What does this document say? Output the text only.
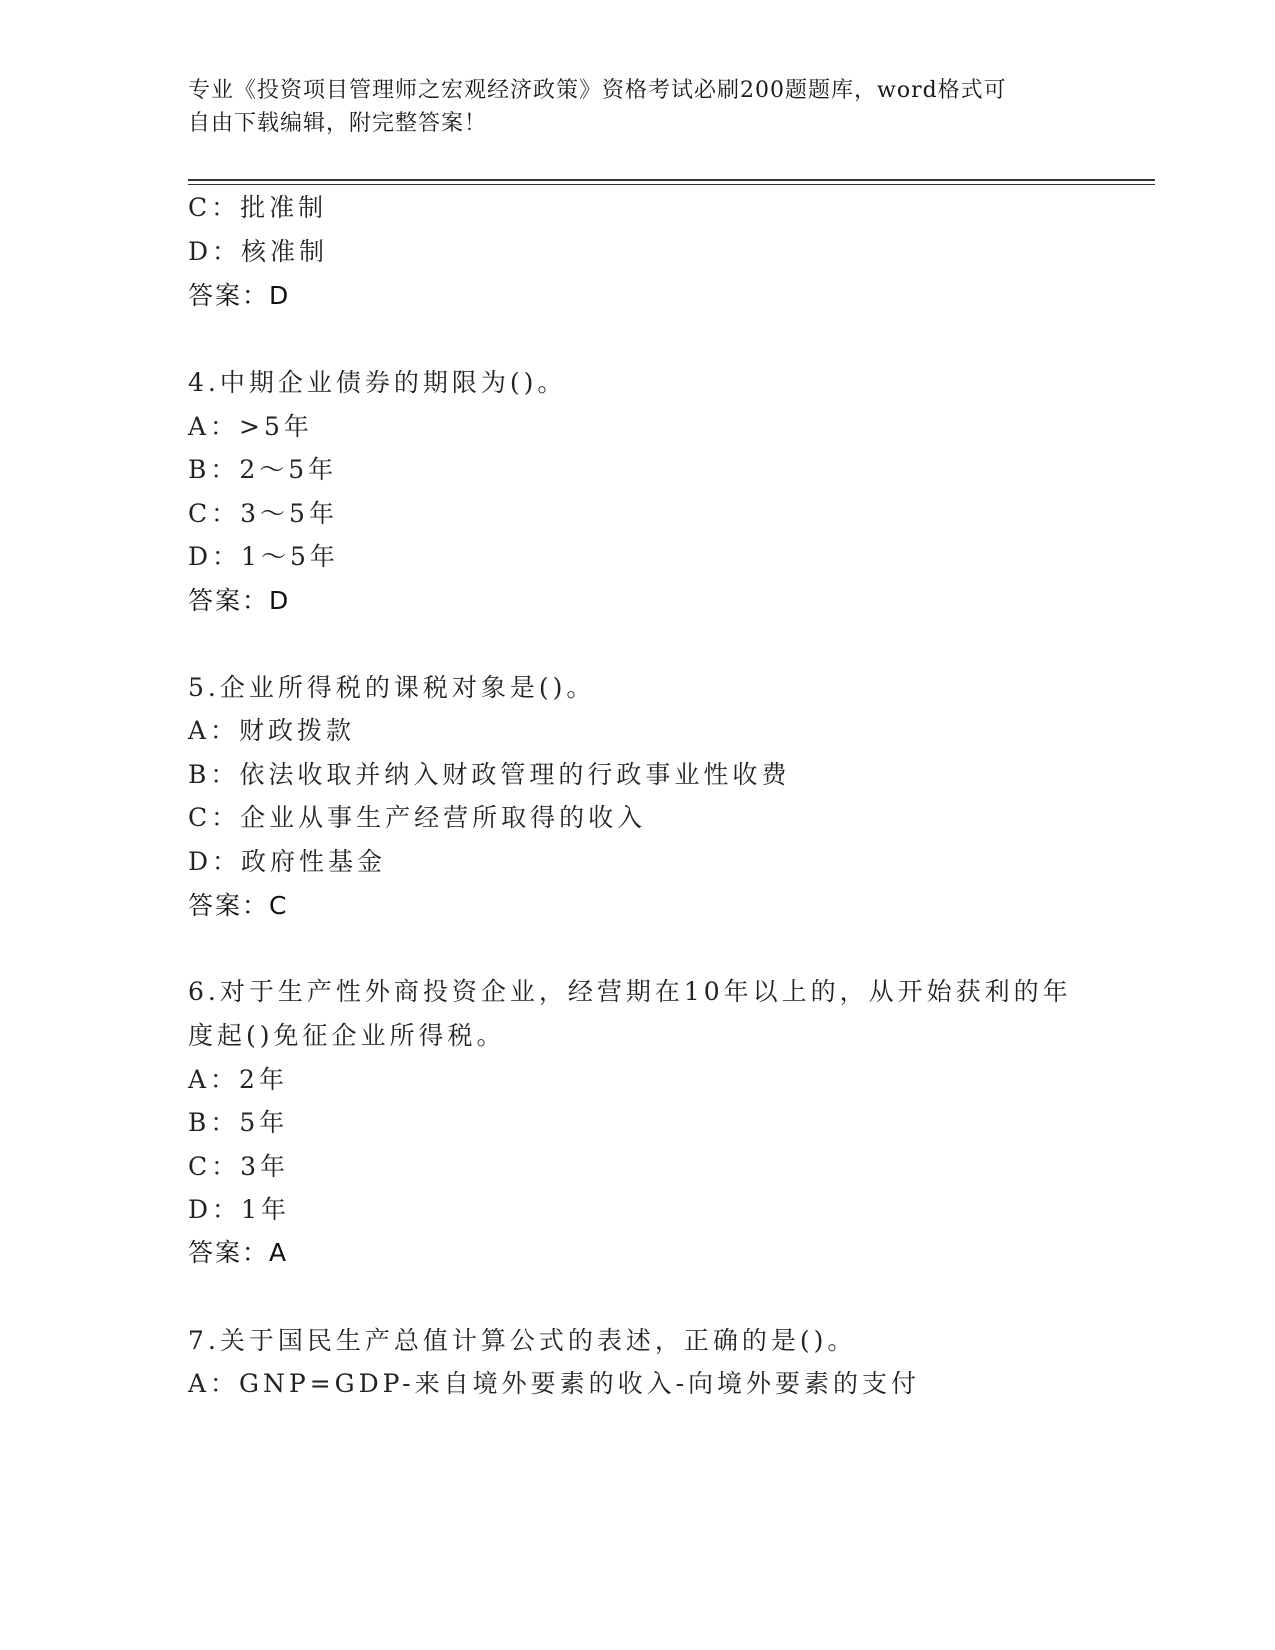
专业《投资项目管理师之宏观经济政策》资格考试必刷200题题库，word格式可
自由下载编辑，附完整答案！
C：批准制
D：核准制
答案：D
4.中期企业债券的期限为()。
A：>5年
B：2～5年
C：3～5年
D：1～5年
答案：D
5.企业所得税的课税对象是()。
A：财政拨款
B：依法收取并纳入财政管理的行政事业性收费
C：企业从事生产经营所取得的收入
D：政府性基金
答案：C
6.对于生产性外商投资企业，经营期在10年以上的，从开始获利的年
度起()免征企业所得税。
A：2年
B：5年
C：3年
D：1年
答案：A
7.关于国民生产总值计算公式的表述，正确的是()。
A：GNP=GDP-来自境外要素的收入-向境外要素的支付
